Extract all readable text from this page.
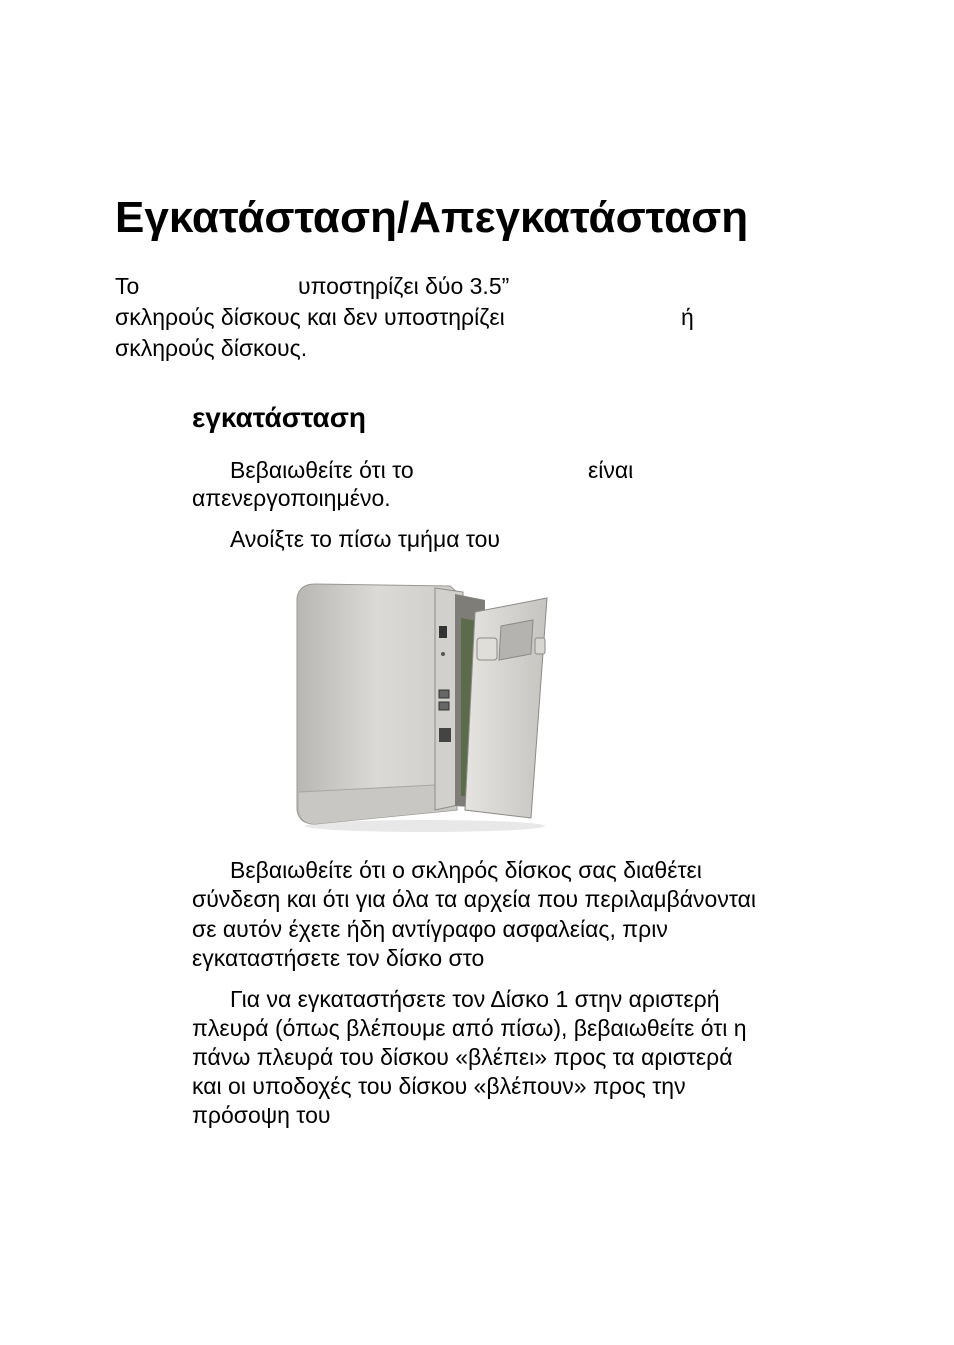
Εγκατάσταση/Απεγκατάσταση
Το	υποστηρίζει δύο 3.5”
σκληρούς δίσκους και δεν υποστηρίζει	ή
σκληρούς δίσκους.
εγκατάσταση
Βεβαιωθείτε ότι το	είναι
απενεργοποιημένο.
Ανοίξτε το πίσω τμήμα του
Βεβαιωθείτε ότι ο σκληρός δίσκος σας διαθέτει
σύνδεση και ότι για όλα τα αρχεία που περιλαμβάνονται
σε αυτόν έχετε ήδη αντίγραφο ασφαλείας, πριν
εγκαταστήσετε τον δίσκο στο
Για να εγκαταστήσετε τον Δίσκο 1 στην αριστερή
πλευρά (όπως βλέπουμε από πίσω), βεβαιωθείτε ότι η
πάνω πλευρά του δίσκου «βλέπει» προς τα αριστερά
και οι υποδοχές του δίσκου «βλέπουν» προς την
πρόσοψη του
